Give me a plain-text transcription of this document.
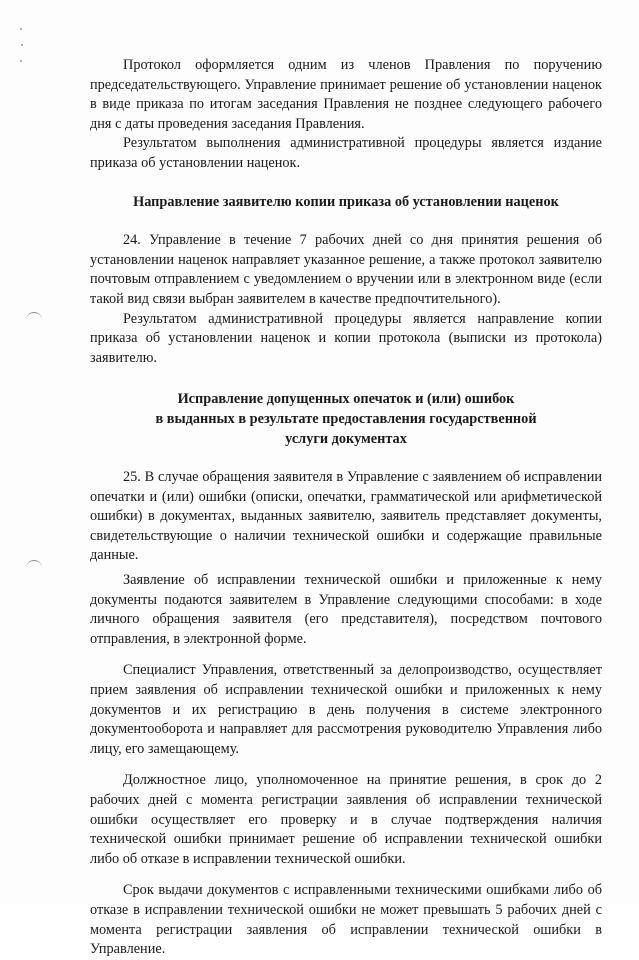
Протокол оформляется одним из членов Правления по поручению председательствующего. Управление принимает решение об установлении наценок в виде приказа по итогам заседания Правления не позднее следующего рабочего дня с даты проведения заседания Правления.

Результатом выполнения административной процедуры является издание приказа об установлении наценок.

Направление заявителю копии приказа об установлении наценок

24. Управление в течение 7 рабочих дней со дня принятия решения об установлении наценок направляет указанное решение, а также протокол заявителю почтовым отправлением с уведомлением о вручении или в электронном виде (если такой вид связи выбран заявителем в качестве предпочтительного).

Результатом административной процедуры является направление копии приказа об установлении наценок и копии протокола (выписки из протокола) заявителю.

Исправление допущенных опечаток и (или) ошибок
в выданных в результате предоставления государственной
услуги документах

25. В случае обращения заявителя в Управление с заявлением об исправлении опечатки и (или) ошибки (описки, опечатки, грамматической или арифметической ошибки) в документах, выданных заявителю, заявитель представляет документы, свидетельствующие о наличии технической ошибки и содержащие правильные данные.

Заявление об исправлении технической ошибки и приложенные к нему документы подаются заявителем в Управление следующими способами: в ходе личного обращения заявителя (его представителя), посредством почтового отправления, в электронной форме.

Специалист Управления, ответственный за делопроизводство, осуществляет прием заявления об исправлении технической ошибки и приложенных к нему документов и их регистрацию в день получения в системе электронного документооборота и направляет для рассмотрения руководителю Управления либо лицу, его замещающему.

Должностное лицо, уполномоченное на принятие решения, в срок до 2 рабочих дней с момента регистрации заявления об исправлении технической ошибки осуществляет его проверку и в случае подтверждения наличия технической ошибки принимает решение об исправлении технической ошибки либо об отказе в исправлении технической ошибки.

Срок выдачи документов с исправленными техническими ошибками либо об отказе в исправлении технической ошибки не может превышать 5 рабочих дней с момента регистрации заявления об исправлении технической ошибки в Управление.
